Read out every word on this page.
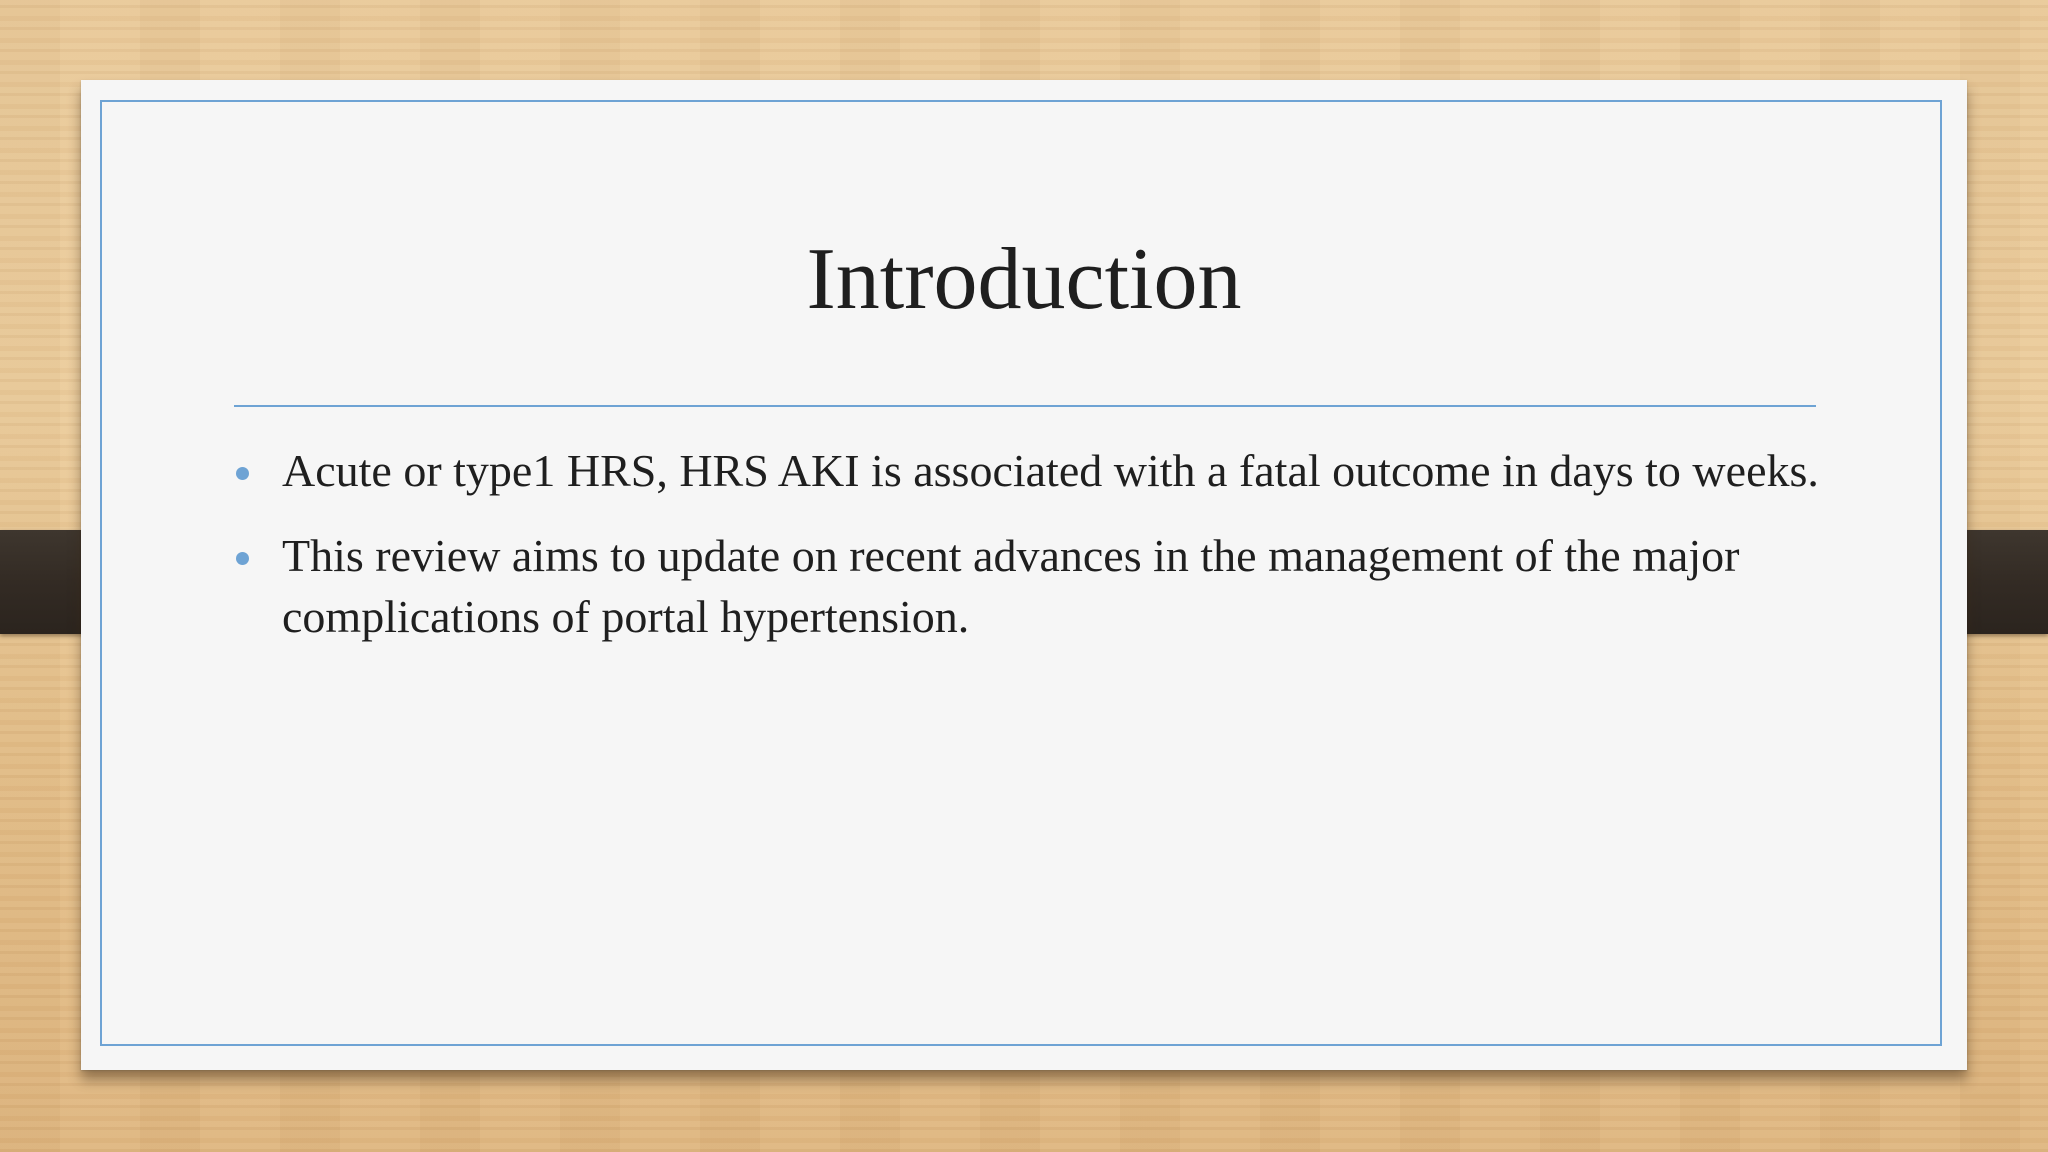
Introduction
Acute or type1 HRS, HRS AKI is associated with a fatal outcome in days to weeks.
This review aims to update on recent advances in the management of the major complications of portal hypertension.
